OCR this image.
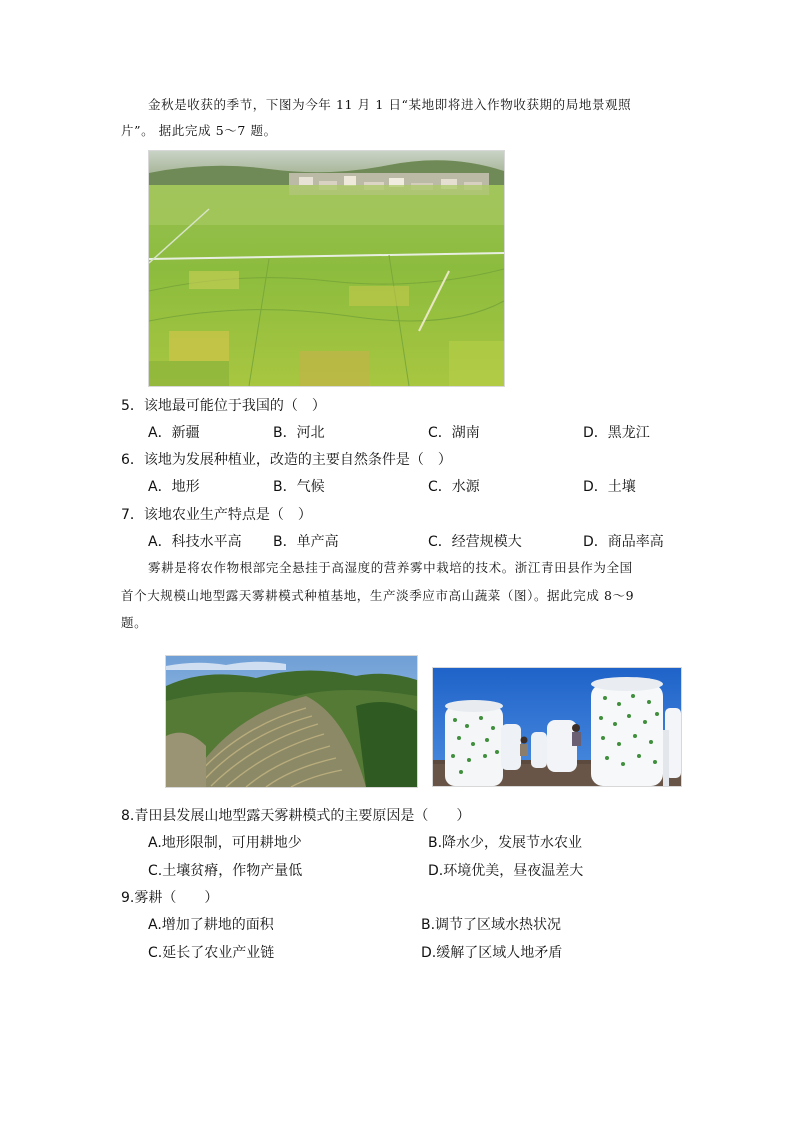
金秋是收获的季节，下图为今年 11 月 1 日“某地即将进入作物收获期的局地景观照
片”。 据此完成 5～7 题。
5．该地最可能位于我国的（　）
A．新疆	B．河北	C．湖南	D．黑龙江
6．该地为发展种植业，改造的主要自然条件是（　）
A．地形	B．气候	C．水源	D．土壤
7．该地农业生产特点是（　）
A．科技水平高 B．单产高	C．经营规模大	D．商品率高
雾耕是将农作物根部完全悬挂于高湿度的营养雾中栽培的技术。浙江青田县作为全国
首个大规模山地型露天雾耕模式种植基地，生产淡季应市高山蔬菜（图）。据此完成 8～9
题。
8.青田县发展山地型露天雾耕模式的主要原因是（　　）
A.地形限制，可用耕地少	B.降水少，发展节水农业
C.土壤贫瘠，作物产量低	D.环境优美，昼夜温差大
9.雾耕（　　）
A.增加了耕地的面积	B.调节了区域水热状况
C.延长了农业产业链	D.缓解了区域人地矛盾
